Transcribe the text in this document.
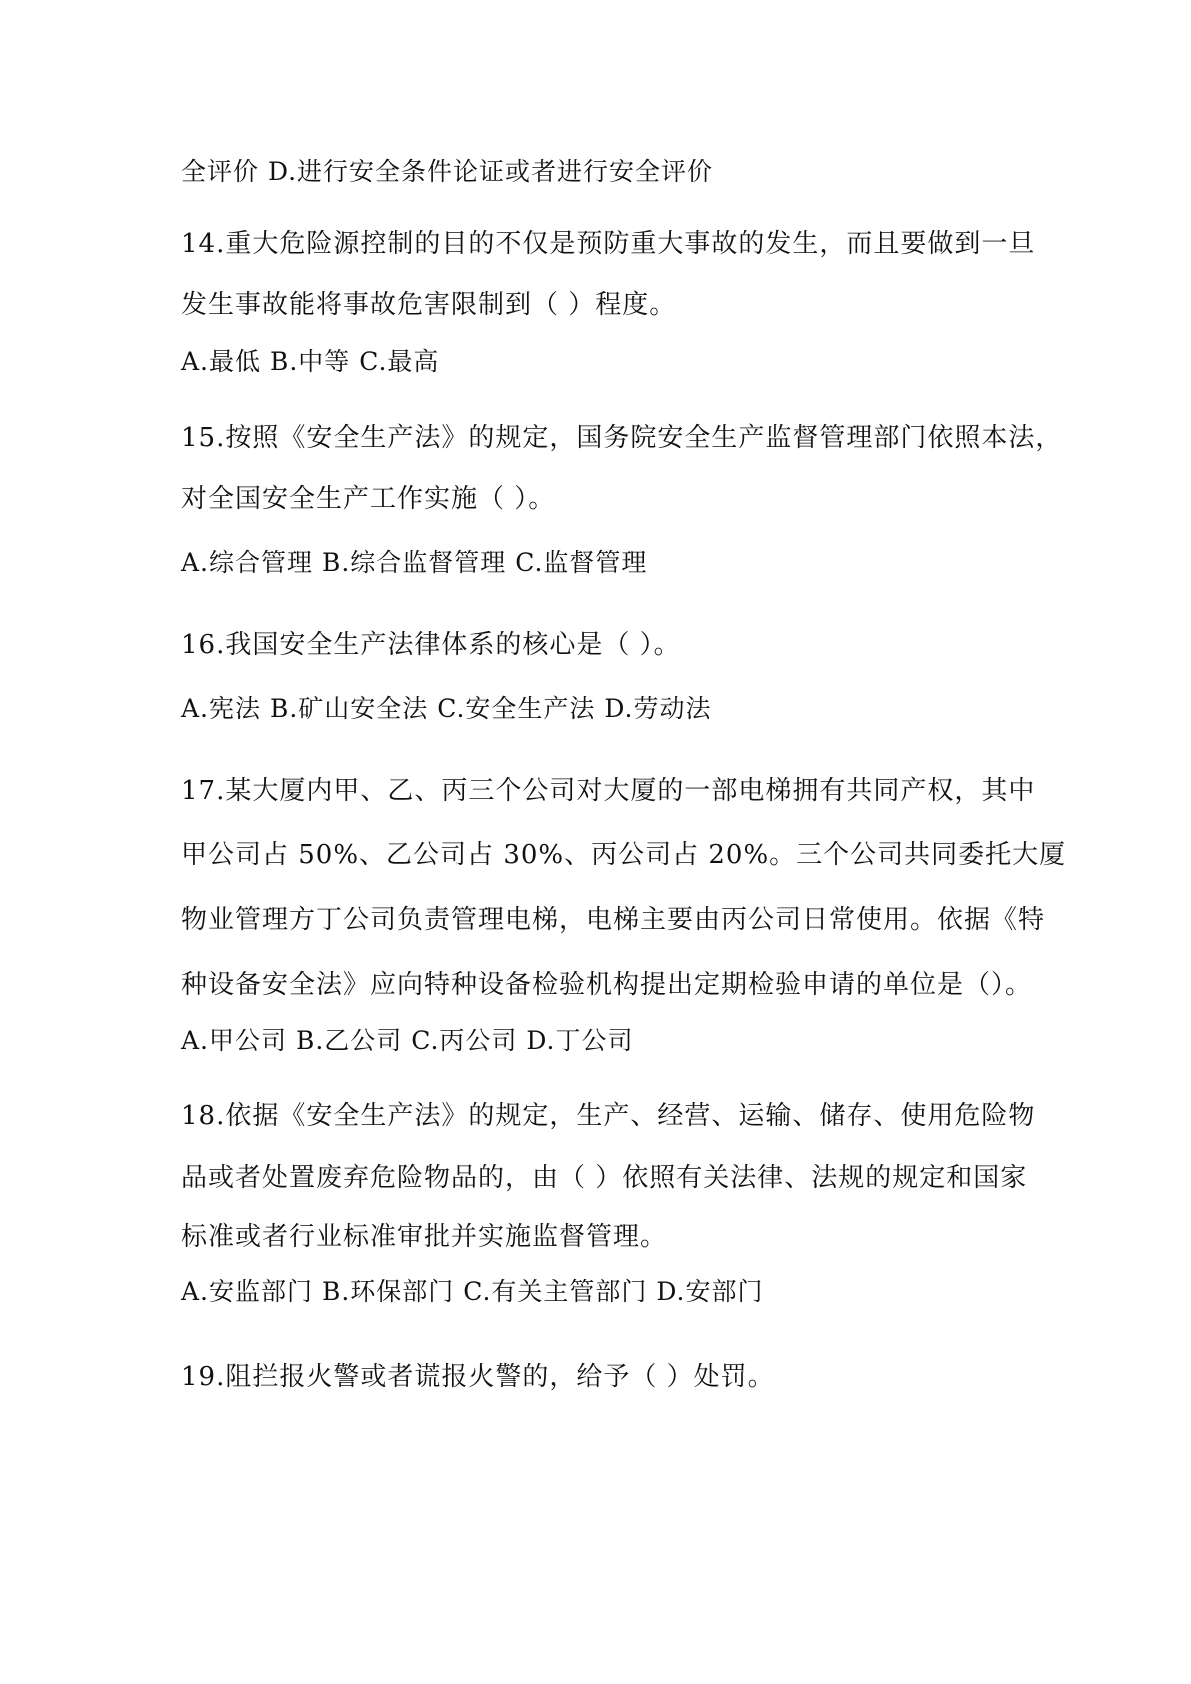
全评价 D.进行安全条件论证或者进行安全评价
14.重大危险源控制的目的不仅是预防重大事故的发生，而且要做到一旦
发生事故能将事故危害限制到（ ）程度。
A.最低 B.中等 C.最高
15.按照《安全生产法》的规定，国务院安全生产监督管理部门依照本法，
对全国安全生产工作实施（ ）。
A.综合管理 B.综合监督管理 C.监督管理
16.我国安全生产法律体系的核心是（ ）。
A.宪法 B.矿山安全法 C.安全生产法 D.劳动法
17.某大厦内甲、乙、丙三个公司对大厦的一部电梯拥有共同产权，其中
甲公司占 50%、乙公司占 30%、丙公司占 20%。三个公司共同委托大厦
物业管理方丁公司负责管理电梯，电梯主要由丙公司日常使用。依据《特
种设备安全法》应向特种设备检验机构提出定期检验申请的单位是（）。
A.甲公司 B.乙公司 C.丙公司 D.丁公司
18.依据《安全生产法》的规定，生产、经营、运输、储存、使用危险物
品或者处置废弃危险物品的，由（ ）依照有关法律、法规的规定和国家
标准或者行业标准审批并实施监督管理。
A.安监部门 B.环保部门 C.有关主管部门 D.安部门
19.阻拦报火警或者谎报火警的，给予（ ）处罚。
